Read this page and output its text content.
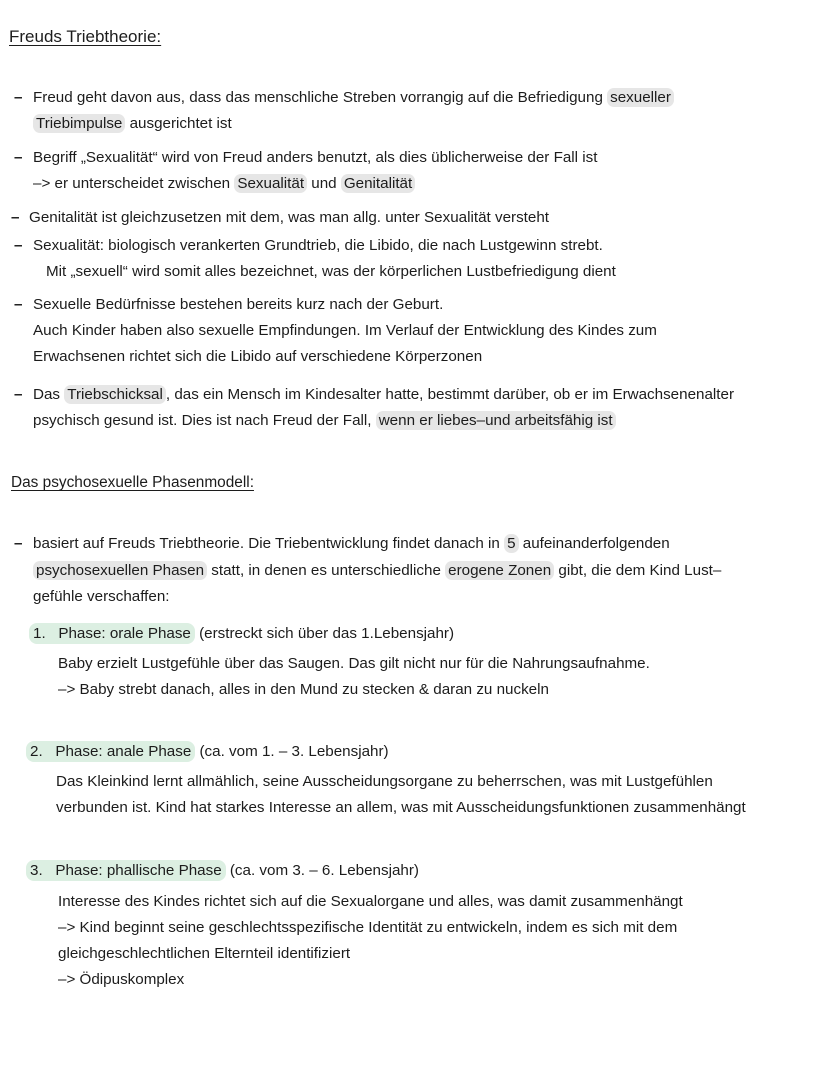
Freuds Triebtheorie:
– Freud geht davon aus, dass das menschliche Streben vorrangig auf die Befriedigung sexueller
Triebimpulse ausgerichtet ist
– Begriff „Sexualität“ wird von Freud anders benutzt, als dies üblicherweise der Fall ist
–> er unterscheidet zwischen Sexualität und Genitalität
– Genitalität ist gleichzusetzen mit dem, was man allg. unter Sexualität versteht
– Sexualität: biologisch verankerten Grundtrieb, die Libido, die nach Lustgewinn strebt.
Mit „sexuell“ wird somit alles bezeichnet, was der körperlichen Lustbefriedigung dient
– Sexuelle Bedürfnisse bestehen bereits kurz nach der Geburt.
Auch Kinder haben also sexuelle Empfindungen. Im Verlauf der Entwicklung des Kindes zum
Erwachsenen richtet sich die Libido auf verschiedene Körperzonen
– Das Triebschicksal , das ein Mensch im Kindesalter hatte, bestimmt darüber, ob er im Erwachsenenalter
psychisch gesund ist. Dies ist nach Freud der Fall, wenn er liebes–und arbeitsfähig ist
Das psychosexuelle Phasenmodell:
– basiert auf Freuds Triebtheorie. Die Triebentwicklung findet danach in 5 aufeinanderfolgenden
psychosexuellen Phasen statt, in denen es unterschiedliche erogene Zonen gibt, die dem Kind Lust–
gefühle verschaffen:
1.   Phase: orale Phase (erstreckt sich über das 1.Lebensjahr)
Baby erzielt Lustgefühle über das Saugen. Das gilt nicht nur für die Nahrungsaufnahme.
–> Baby strebt danach, alles in den Mund zu stecken & daran zu nuckeln
2.   Phase: anale Phase (ca. vom 1. – 3. Lebensjahr)
Das Kleinkind lernt allmählich, seine Ausscheidungsorgane zu beherrschen, was mit Lustgefühlen
verbunden ist. Kind hat starkes Interesse an allem, was mit Ausscheidungsfunktionen zusammenhängt
3.   Phase: phallische Phase (ca. vom 3. – 6. Lebensjahr)
Interesse des Kindes richtet sich auf die Sexualorgane und alles, was damit zusammenhängt
–> Kind beginnt seine geschlechtsspezifische Identität zu entwickeln, indem es sich mit dem
gleichgeschlechtlichen Elternteil identifiziert
–> Ödipuskomplex
